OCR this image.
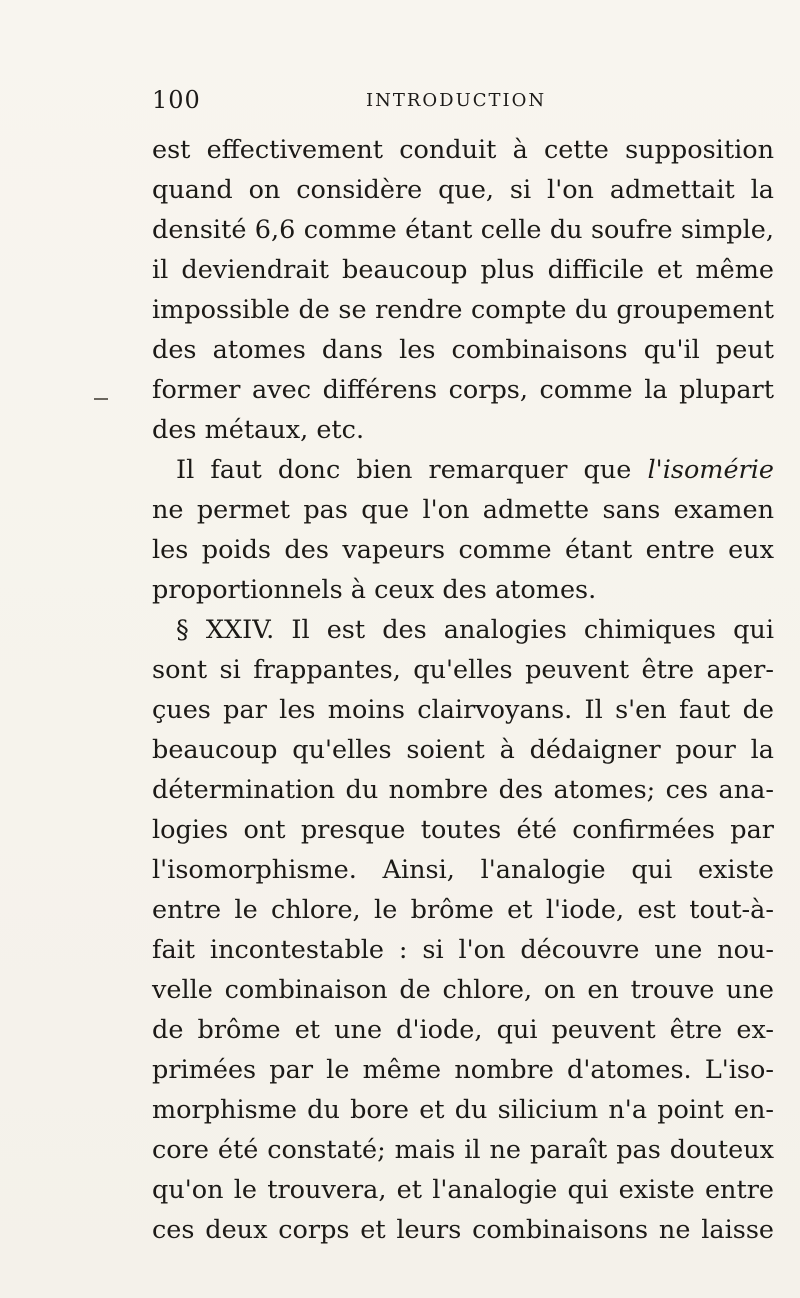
100	INTRODUCTION
est effectivement conduit à cette supposition
quand on considère que, si l'on admettait la
densité 6,6 comme étant celle du soufre simple,
il deviendrait beaucoup plus difficile et même
impossible de se rendre compte du groupement
des atomes dans les combinaisons qu'il peut
former avec différens corps, comme la plupart
des métaux, etc.
Il faut donc bien remarquer que l'isomérie
ne permet pas que l'on admette sans examen
les poids des vapeurs comme étant entre eux
proportionnels à ceux des atomes.
§ XXIV. Il est des analogies chimiques qui
sont si frappantes, qu'elles peuvent être aper-
çues par les moins clairvoyans. Il s'en faut de
beaucoup qu'elles soient à dédaigner pour la
détermination du nombre des atomes; ces ana-
logies ont presque toutes été confirmées par
l'isomorphisme. Ainsi, l'analogie qui existe
entre le chlore, le brôme et l'iode, est tout-à-
fait incontestable : si l'on découvre une nou-
velle combinaison de chlore, on en trouve une
de brôme et une d'iode, qui peuvent être ex-
primées par le même nombre d'atomes. L'iso-
morphisme du bore et du silicium n'a point en-
core été constaté; mais il ne paraît pas douteux
qu'on le trouvera, et l'analogie qui existe entre
ces deux corps et leurs combinaisons ne laisse
